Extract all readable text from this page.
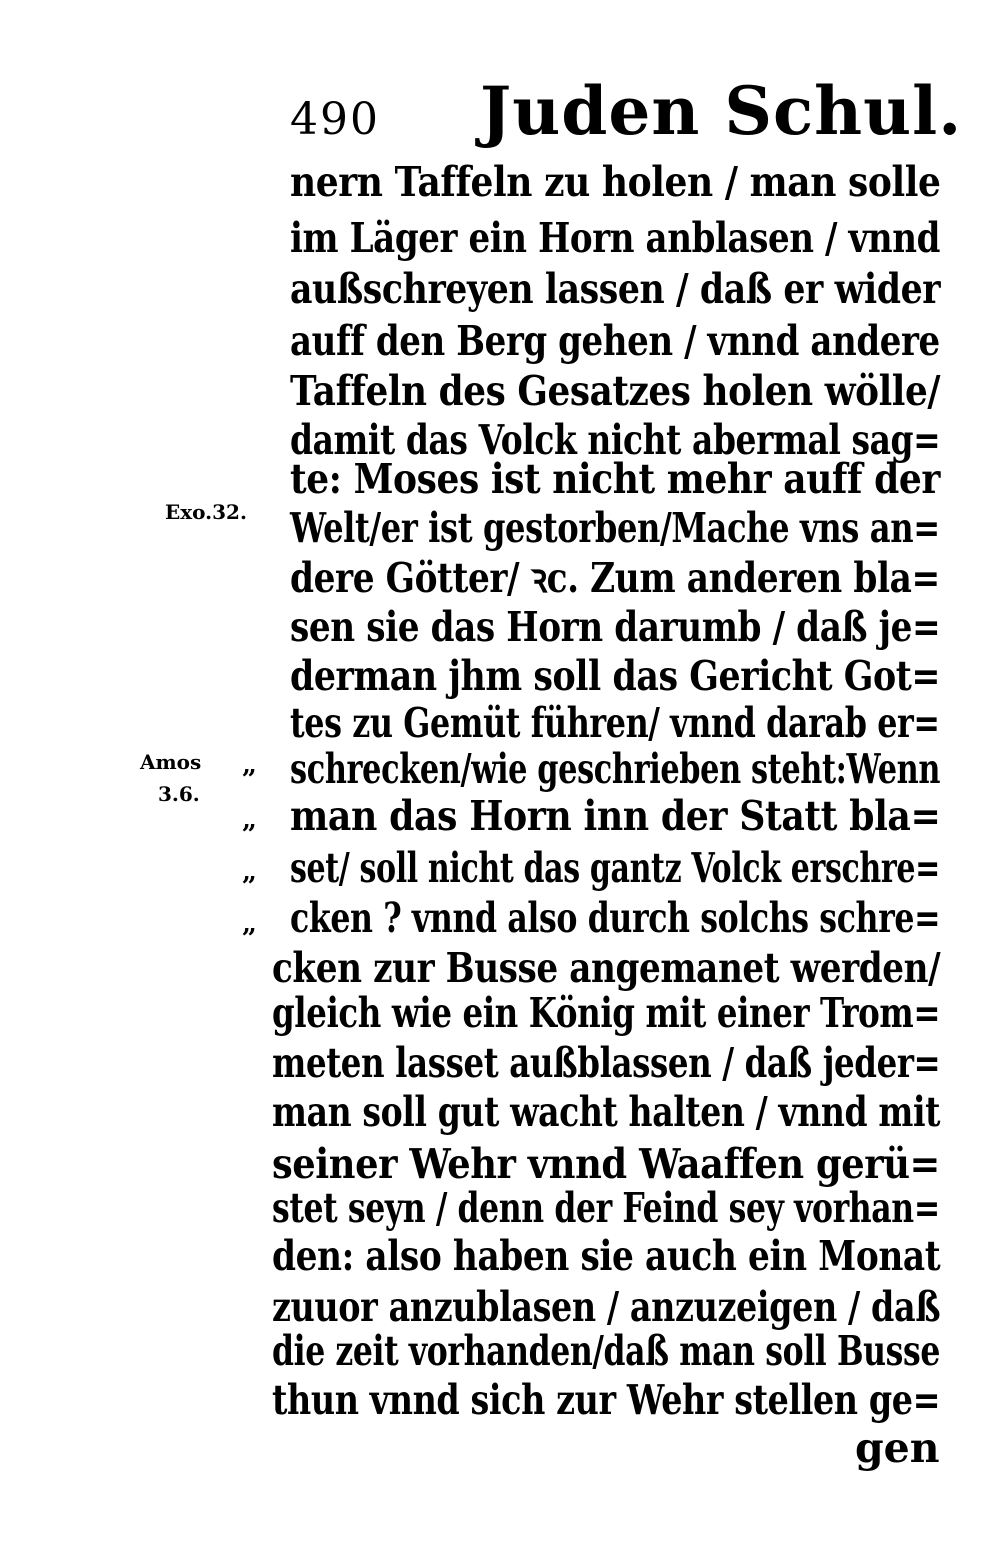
490 Juden Schul.
Exo.32.
Amos
3.6.
„
„
„
„
nern Taffeln zu holen / man solle
im Läger ein Horn anblasen / vnnd
außschreyen lassen / daß er wider
auff den Berg gehen / vnnd andere
Taffeln des Gesatzes holen wölle/
damit das Volck nicht abermal sag=
te: Moses ist nicht mehr auff der
Welt/er ist gestorben/Mache vns an=
dere Götter/ ꝛc. Zum anderen bla=
sen sie das Horn darumb / daß je=
derman jhm soll das Gericht Got=
tes zu Gemüt führen/ vnnd darab er=
schrecken/wie geschrieben steht:Wenn
man das Horn inn der Statt bla=
set/ soll nicht das gantz Volck erschre=
cken ? vnnd also durch solchs schre=
cken zur Busse angemanet werden/
gleich wie ein König mit einer Trom=
meten lasset außblassen / daß jeder=
man soll gut wacht halten / vnnd mit
seiner Wehr vnnd Waaffen gerü=
stet seyn / denn der Feind sey vorhan=
den: also haben sie auch ein Monat
zuuor anzublasen / anzuzeigen / daß
die zeit vorhanden/daß man soll Busse
thun vnnd sich zur Wehr stellen ge=
gen
